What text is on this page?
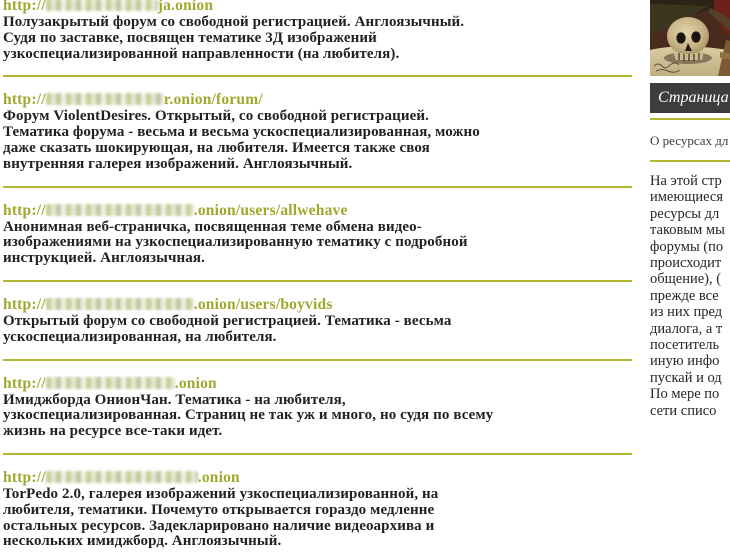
http://	ja.onion
Полузакрытый форум со свободной регистрацией. Англоязычный.
Судя по заставке, посвящен тематике 3Д изображений
узкоспециализированной направленности (на любителя).
http://	r.onion/forum/
Форум ViolentDesires. Открытый, со свободной регистрацией.
Тематика форума - весьма и весьма ускоспециализированная, можно
даже сказать шокирующая, на любителя. Имеется также своя
внутренняя галерея изображений. Англоязычный.
http://	.onion/users/allwehave
Анонимная веб-страничка, посвященная теме обмена видео-
изображениями на узкоспециализированную тематику с подробной
инструкцией. Англоязычная.
http://	.onion/users/boyvids
Открытый форум со свободной регистрацией. Тематика - весьма
ускоспециализированная, на любителя.
http://	.onion
Имиджборда ОнионЧан. Тематика - на любителя,
узкоспециализированная. Страниц не так уж и много, но судя по всему
жизнь на ресурсе все-таки идет.
http://	.onion
TorPedo 2.0, галерея изображений узкоспециализированной, на
любителя, тематики. Почемуто открывается гораздо медленне
остальных ресурсов. Задекларировано наличие видеоархива и
нескольких имиджборд. Англоязычный.
Страница
О ресурсах дл
На этой стр
имеющиеся
ресурсы дл
таковым мы
форумы (по
происходит
общение), (
прежде все
из них пред
диалога, а т
посетитель
иную инфо
пускай и од
По мере по
сети списо
